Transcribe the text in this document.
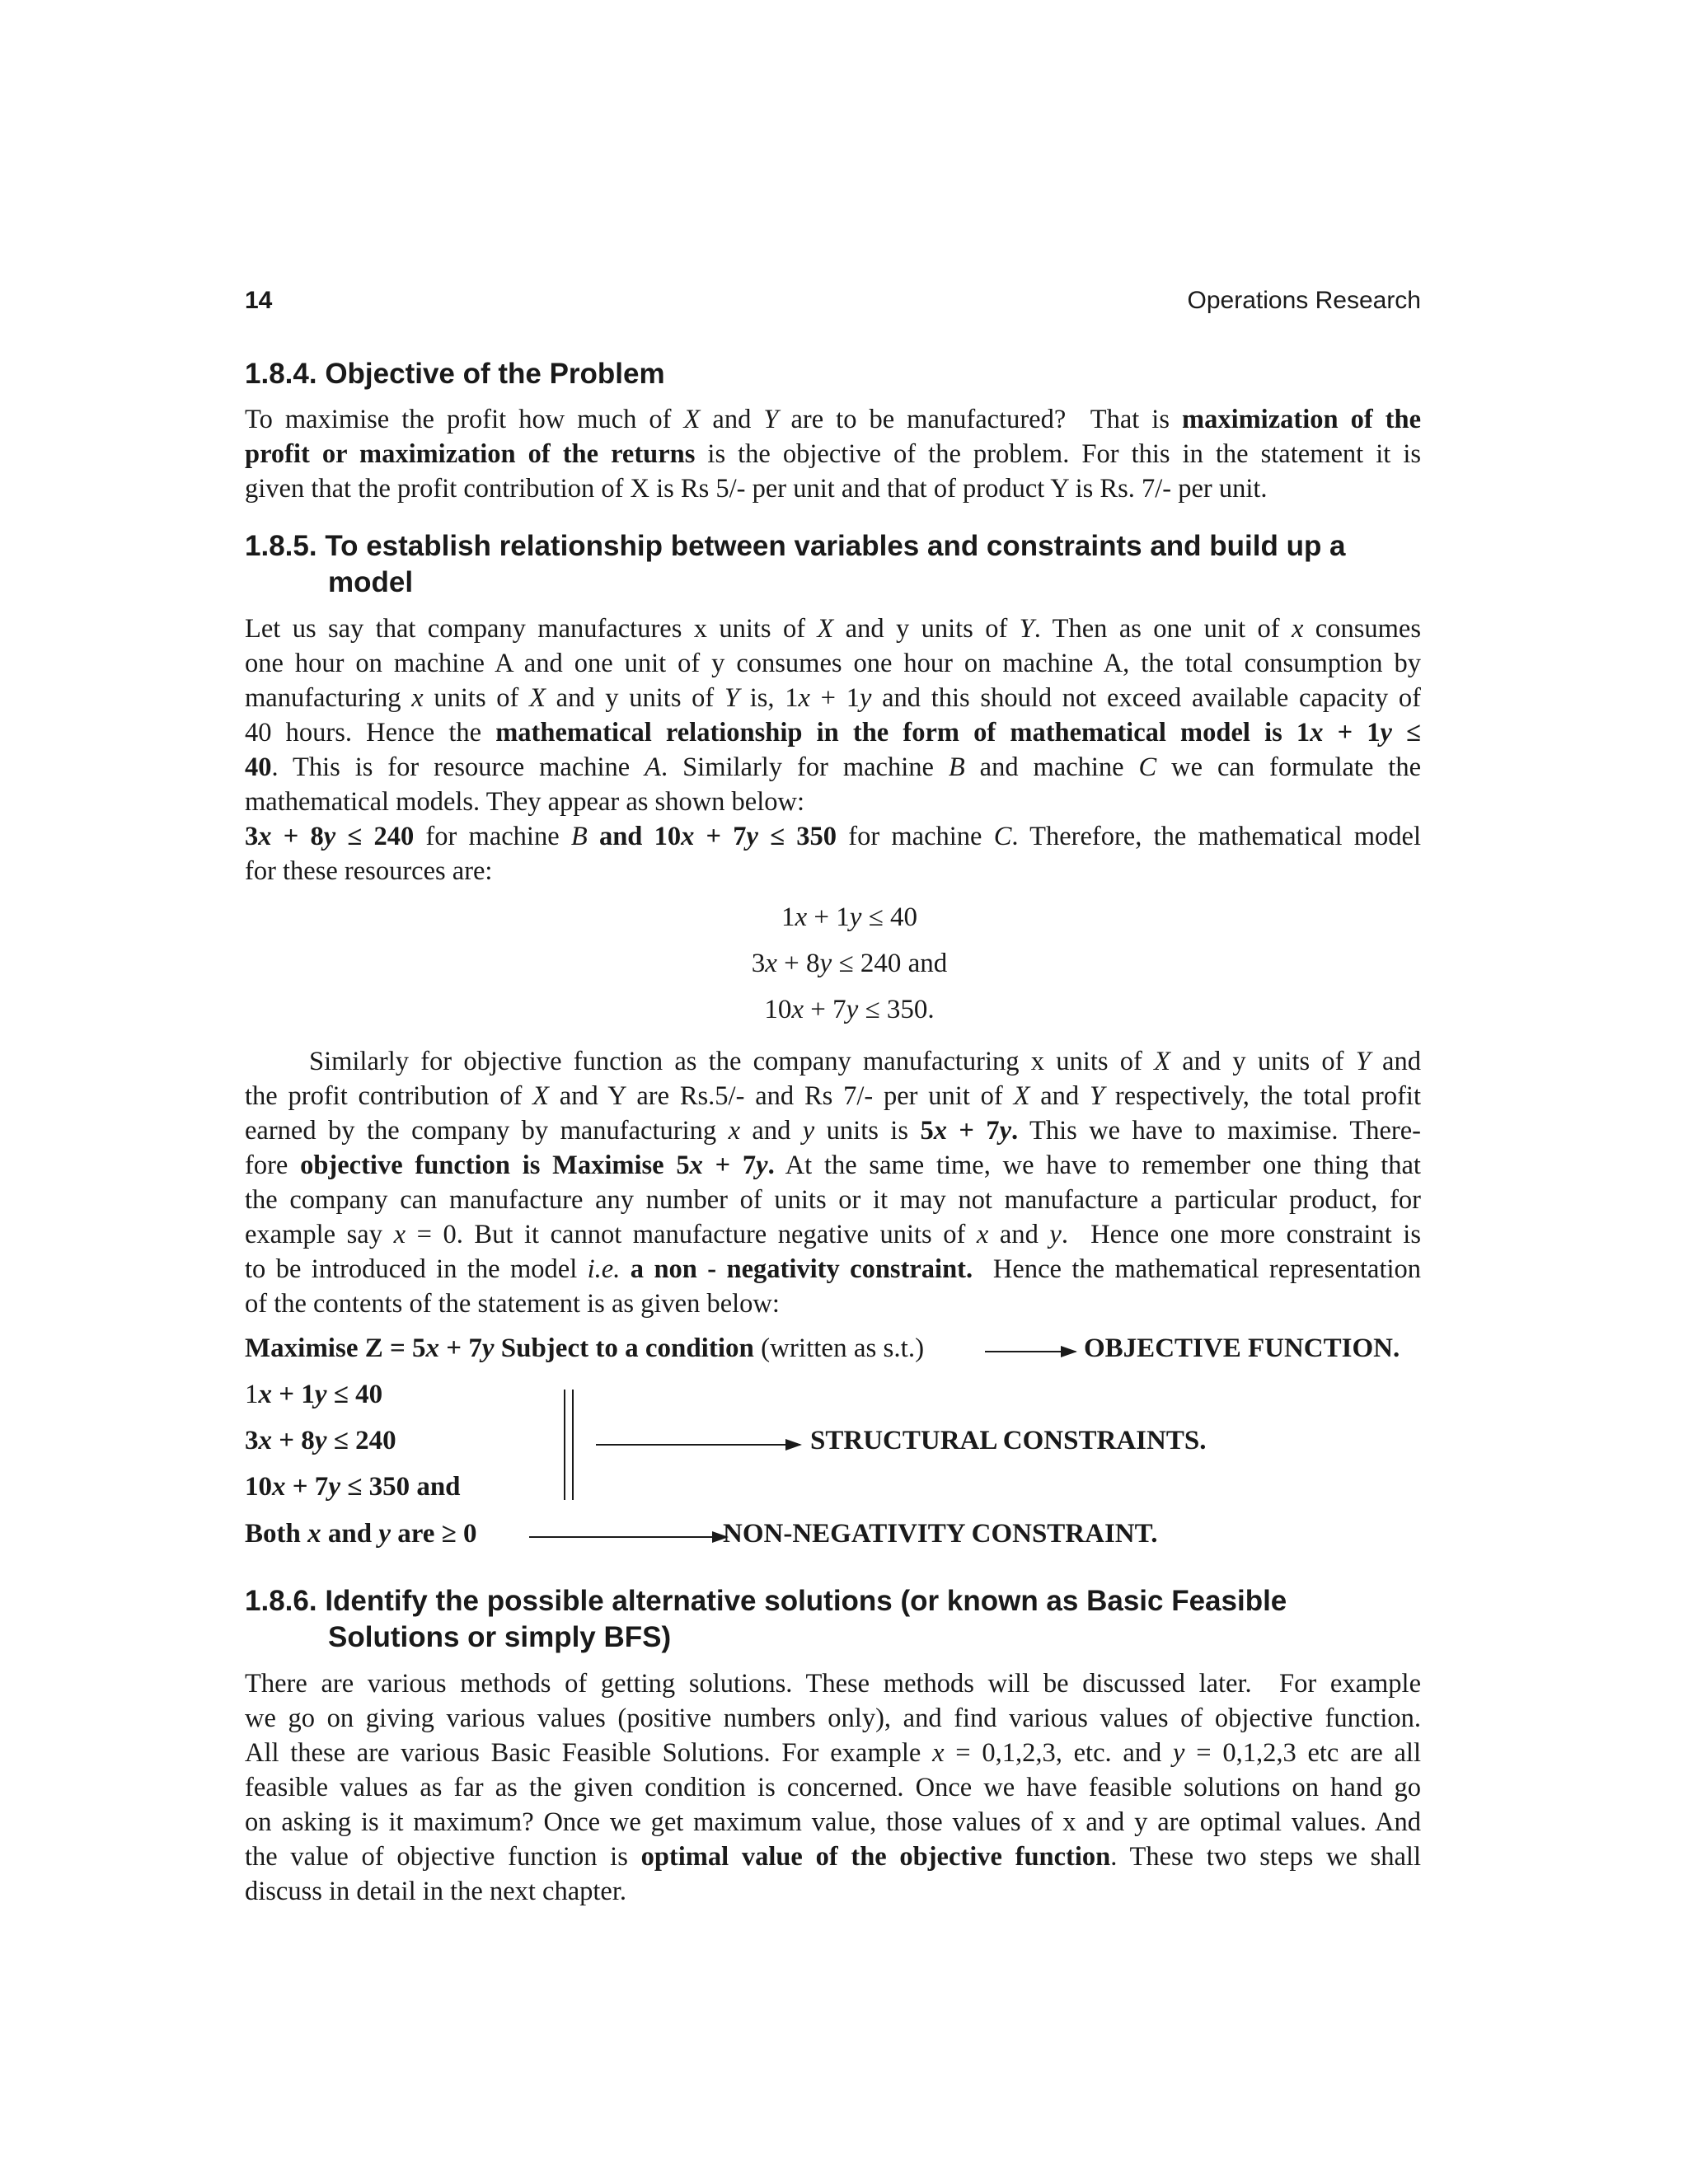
14	Operations Research
1.8.4. Objective of the Problem
To maximise the profit how much of X and Y are to be manufactured?  That is maximization of the
profit or maximization of the returns is the objective of the problem. For this in the statement it is
given that the profit contribution of X is Rs 5/- per unit and that of product Y is Rs. 7/- per unit.
1.8.5. To establish relationship between variables and constraints and build up a
model
Let us say that company manufactures x units of X and y units of Y. Then as one unit of x consumes
one hour on machine A and one unit of y consumes one hour on machine A, the total consumption by
manufacturing x units of X and y units of Y is, 1x + 1y and this should not exceed available capacity of
40 hours. Hence the mathematical relationship in the form of mathematical model is 1x + 1y ≤
40. This is for resource machine A. Similarly for machine B and machine C we can formulate the
mathematical models. They appear as shown below:
3x + 8y ≤ 240 for machine B and 10x + 7y ≤ 350 for machine C. Therefore, the mathematical model
for these resources are:
1x + 1y ≤ 40
3x + 8y ≤ 240 and
10x + 7y ≤ 350.
Similarly for objective function as the company manufacturing x units of X and y units of Y and
the profit contribution of X and Y are Rs.5/- and Rs 7/- per unit of X and Y respectively, the total profit
earned by the company by manufacturing x and y units is 5x + 7y. This we have to maximise. There-
fore objective function is Maximise 5x + 7y. At the same time, we have to remember one thing that
the company can manufacture any number of units or it may not manufacture a particular product, for
example say x = 0. But it cannot manufacture negative units of x and y.  Hence one more constraint is
to be introduced in the model i.e. a non - negativity constraint.  Hence the mathematical representation
of the contents of the statement is as given below:
Maximise Z = 5x + 7y Subject to a condition (written as s.t.)	OBJECTIVE FUNCTION.
1x + 1y ≤ 40
3x + 8y ≤ 240
10x + 7y ≤ 350 and
STRUCTURAL CONSTRAINTS.
Both x and y are ≥ 0	NON-NEGATIVITY CONSTRAINT.
1.8.6. Identify the possible alternative solutions (or known as Basic Feasible
Solutions or simply BFS)
There are various methods of getting solutions. These methods will be discussed later.  For example
we go on giving various values (positive numbers only), and find various values of objective function.
All these are various Basic Feasible Solutions. For example x = 0,1,2,3, etc. and y = 0,1,2,3 etc are all
feasible values as far as the given condition is concerned. Once we have feasible solutions on hand go
on asking is it maximum? Once we get maximum value, those values of x and y are optimal values. And
the value of objective function is optimal value of the objective function. These two steps we shall
discuss in detail in the next chapter.
